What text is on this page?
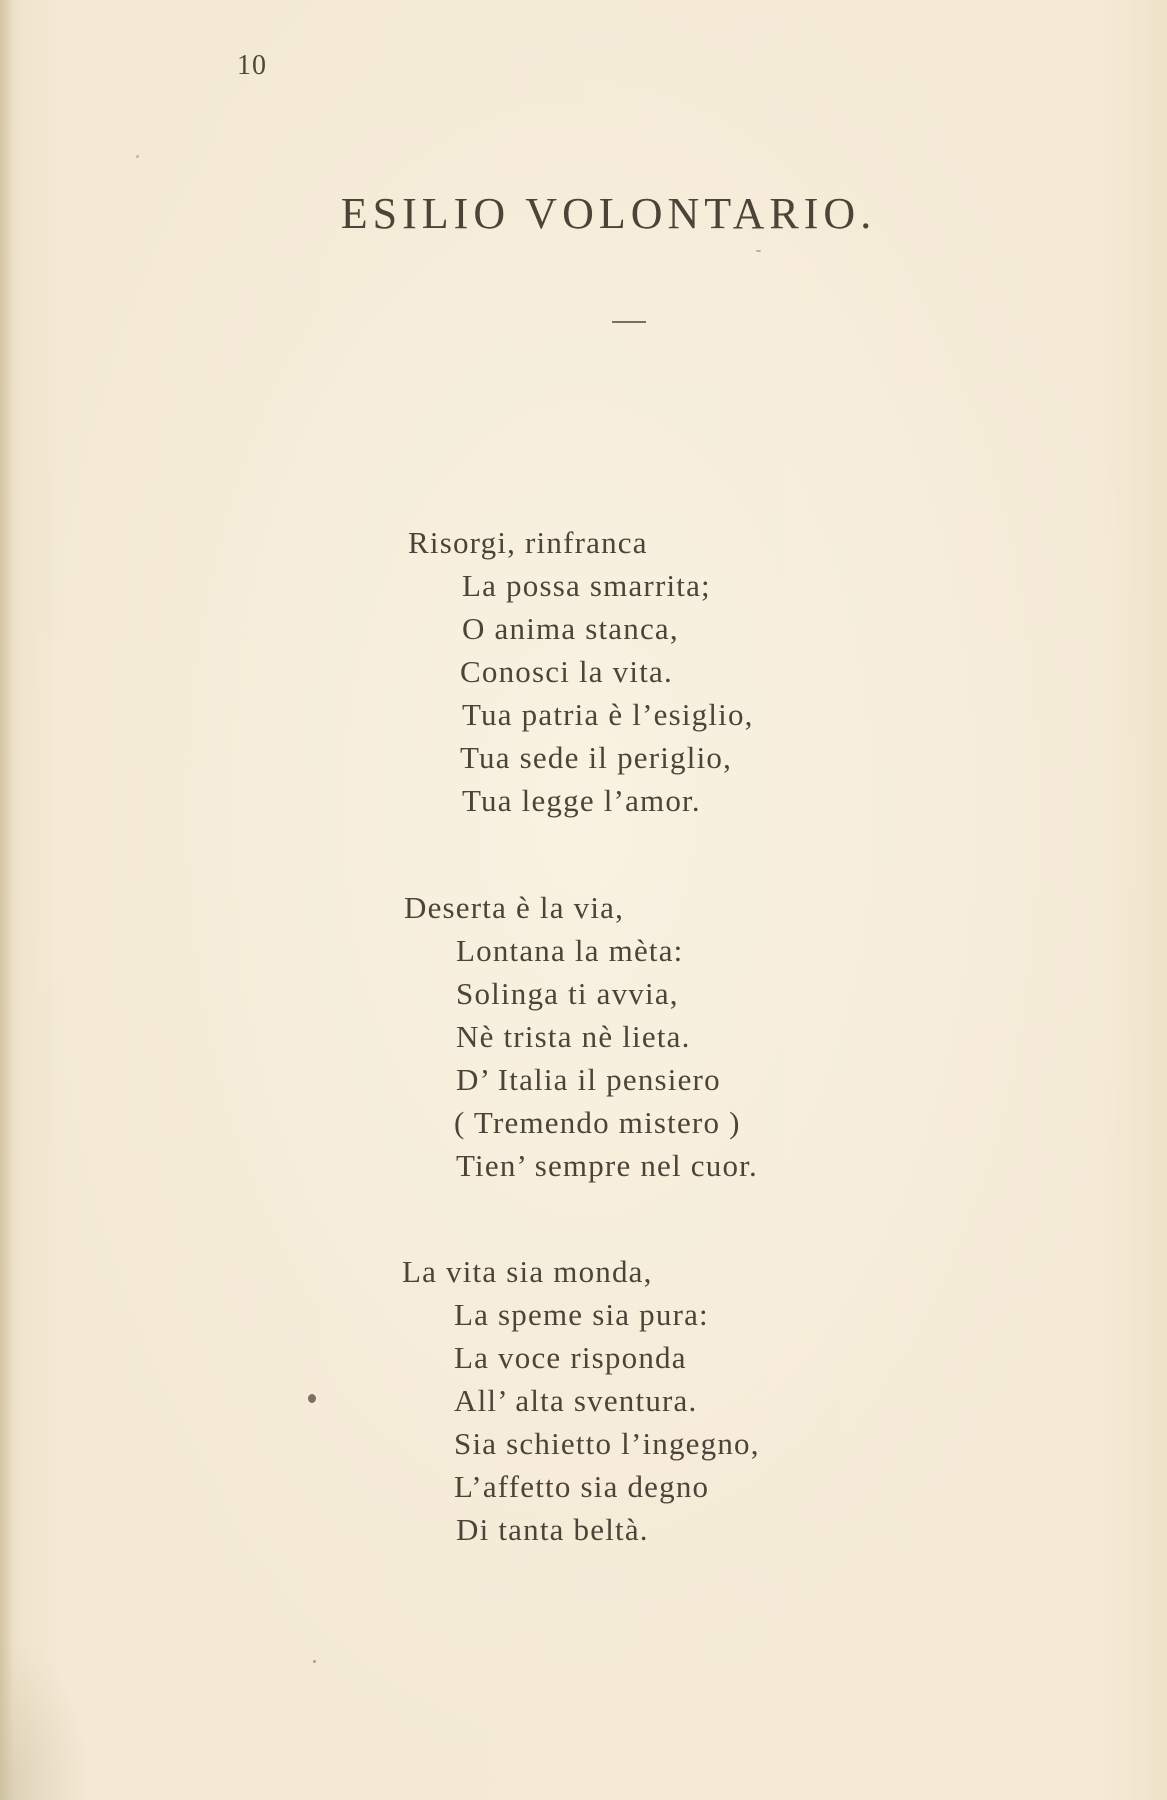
10
ESILIO VOLONTARIO.
Risorgi, rinfranca
La possa smarrita;
O anima stanca,
Conosci la vita.
Tua patria è l’esiglio,
Tua sede il periglio,
Tua legge l’amor.
Deserta è la via,
Lontana la mèta:
Solinga ti avvia,
Nè trista nè lieta.
D’ Italia il pensiero
( Tremendo mistero )
Tien’ sempre nel cuor.
La vita sia monda,
La speme sia pura:
La voce risponda
All’ alta sventura.
Sia schietto l’ingegno,
L’affetto sia degno
Di tanta beltà.
